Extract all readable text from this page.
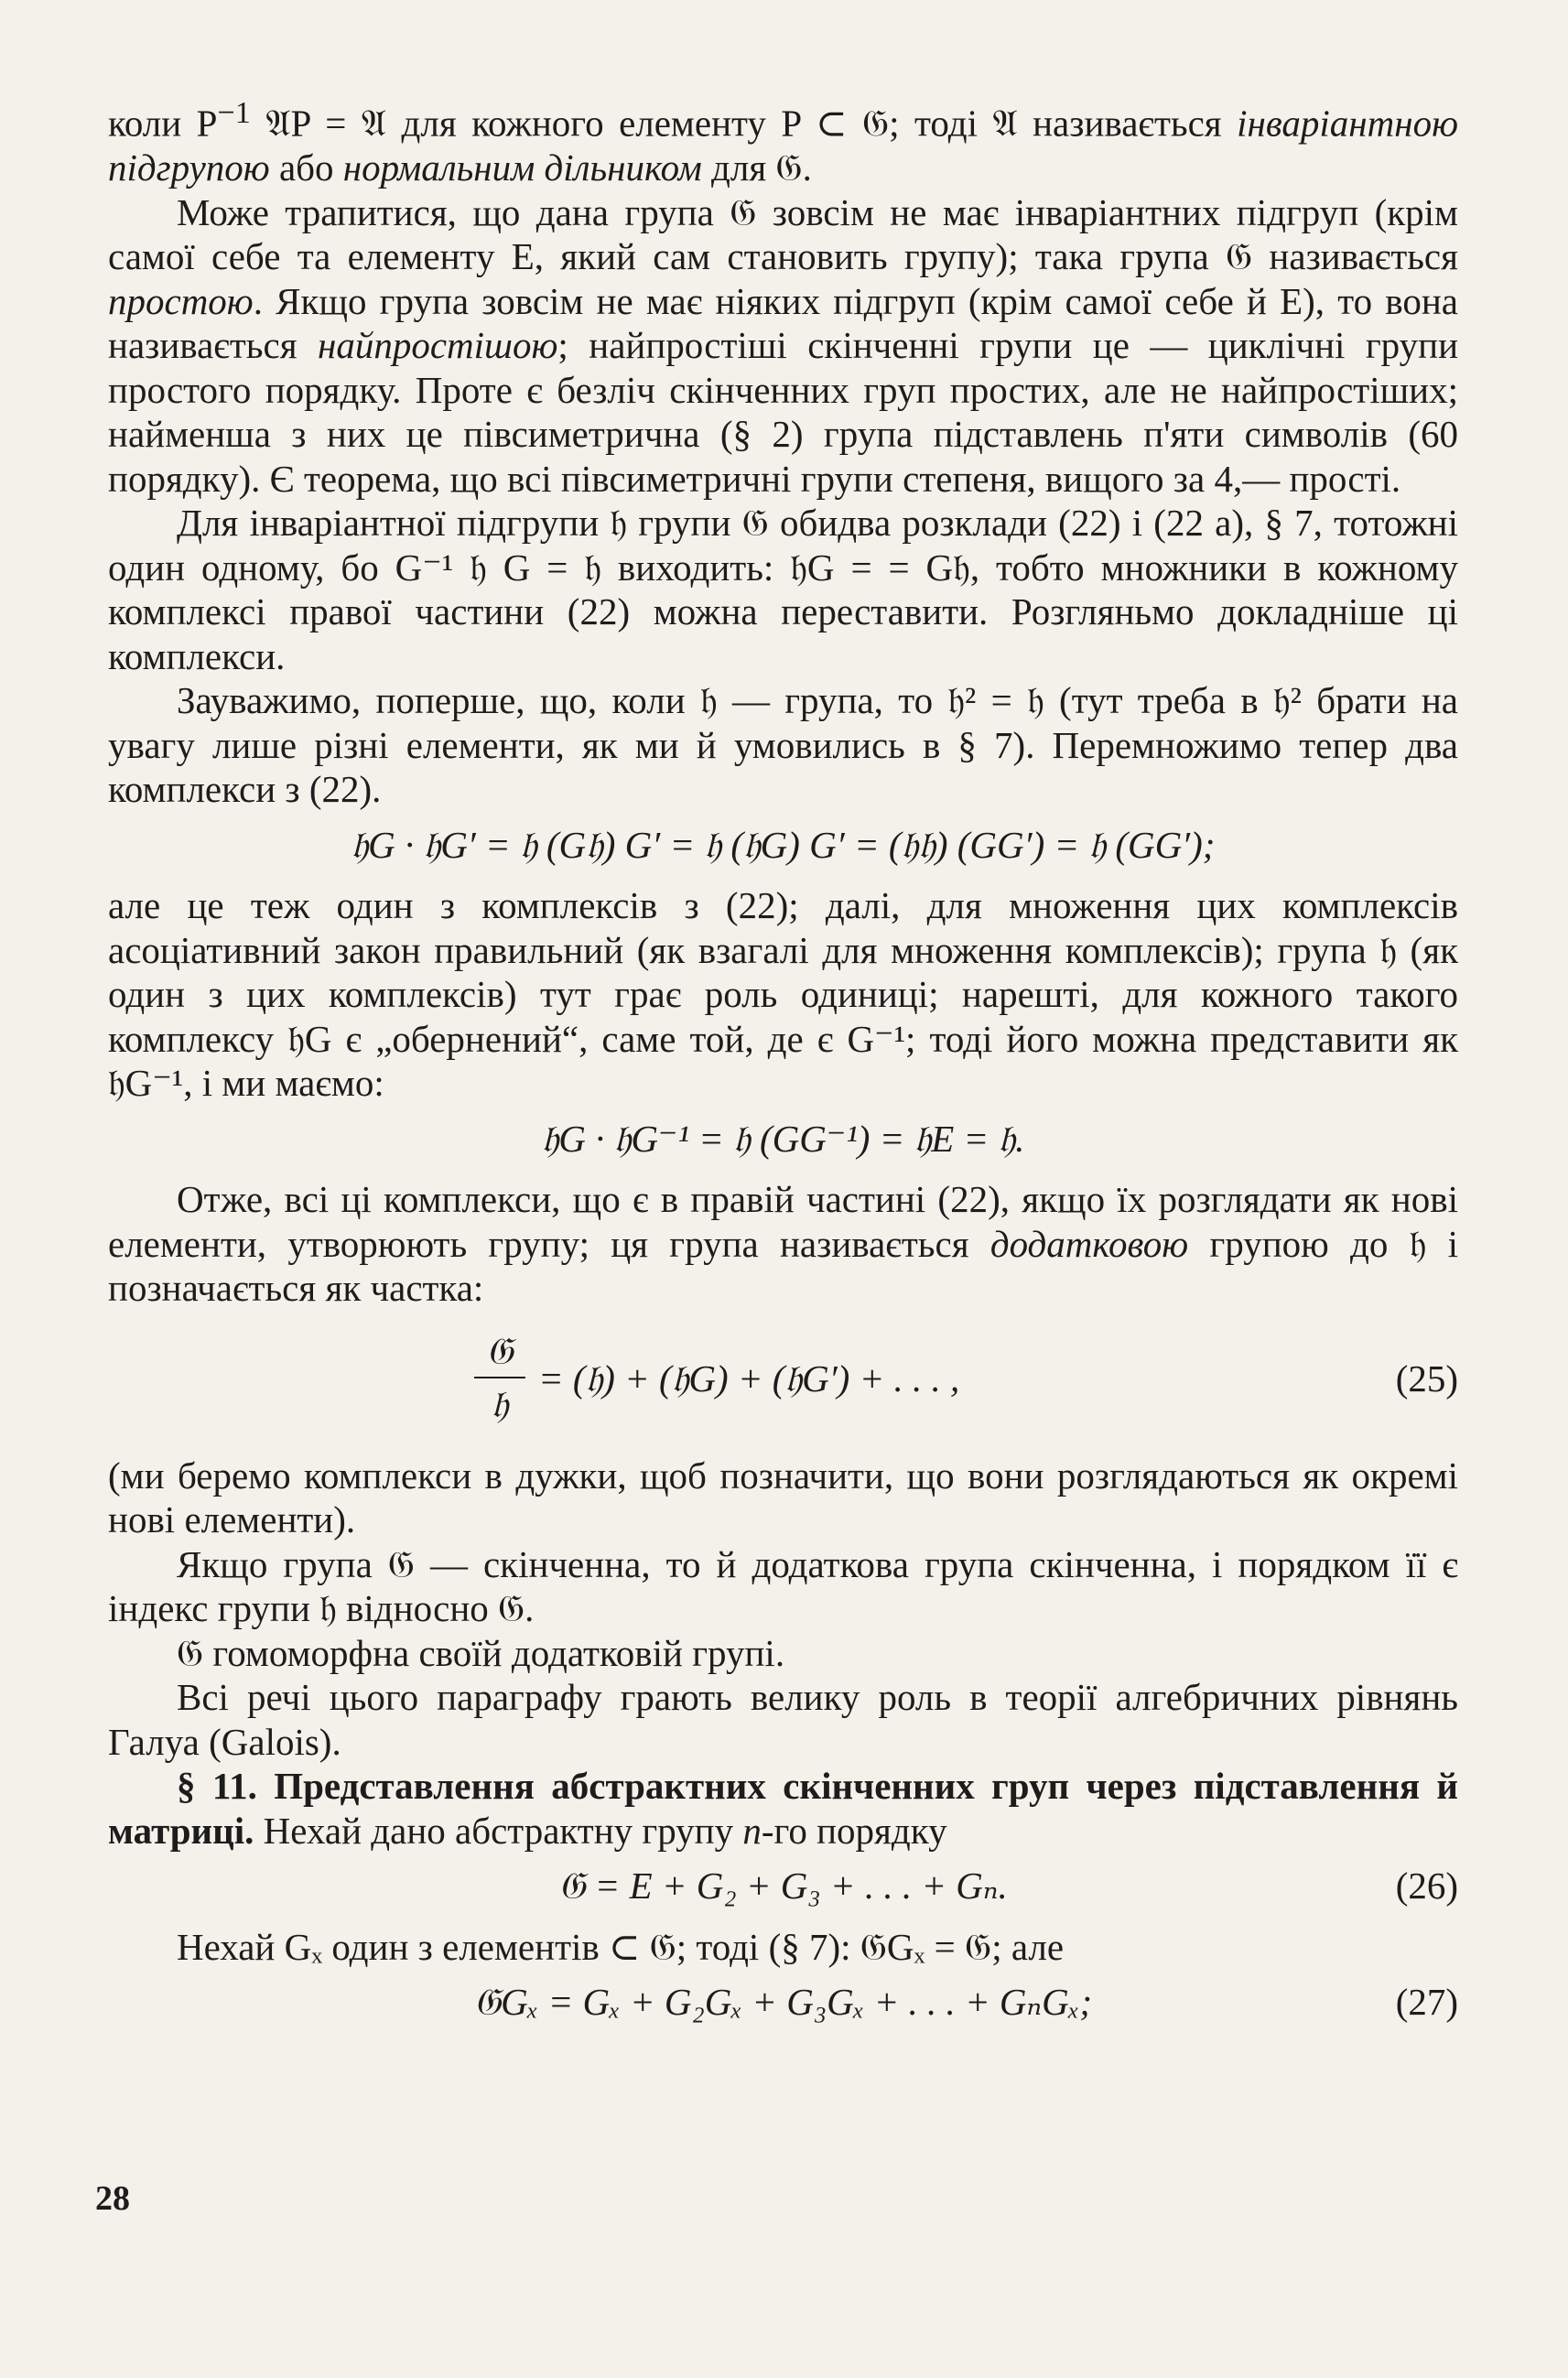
коли $P^{-1}$ 𝔄P = 𝔄 для кожного елементу P ⊂ 𝔊; тоді 𝔄 називається інваріантною підгрупою або нормальним дільником для 𝔊.

Може трапитися, що дана група 𝔊 зовсім не має інваріантних підгруп (крім самої себе та елементу E, який сам становить групу); така група 𝔊 називається простою. Якщо група зовсім не має ніяких підгруп (крім самої себе й E), то вона називається найпростішою; найпростіші скінченні групи це — циклічні групи простого порядку. Проте є безліч скінченних груп простих, але не найпростіших; найменша з них це півсиметрична (§ 2) група підставлень п'яти символів (60 порядку). Є теорема, що всі півсиметричні групи степеня, вищого за 4,— прості.

Для інваріантної підгрупи 𝔥 групи 𝔊 обидва розклади (22) і (22 а), § 7, тотожні один одному, бо G⁻¹ 𝔥 G = 𝔥 виходить: 𝔥G = = G𝔥, тобто множники в кожному комплексі правої частини (22) можна переставити. Розгляньмо докладніше ці комплекси.

Зауважимо, поперше, що, коли 𝔥 — група, то 𝔥² = 𝔥 (тут треба в 𝔥² брати на увагу лише різні елементи, як ми й умовились в § 7). Перемножимо тепер два комплекси з (22).

𝔥G · 𝔥G′ = 𝔥 (G𝔥) G′ = 𝔥 (𝔥G) G′ = (𝔥𝔥) (GG′) = 𝔥 (GG′);

але це теж один з комплексів з (22); далі, для множення цих комплексів асоціативний закон правильний (як взагалі для множення комплексів); група 𝔥 (як один з цих комплексів) тут грає роль одиниці; нарешті, для кожного такого комплексу 𝔥G є „обернений“, саме той, де є G⁻¹; тоді його можна представити як 𝔥G⁻¹, і ми маємо:

𝔥G · 𝔥G⁻¹ = 𝔥 (GG⁻¹) = 𝔥E = 𝔥.

Отже, всі ці комплекси, що є в правій частині (22), якщо їх розглядати як нові елементи, утворюють групу; ця група називається додатковою групою до 𝔥 і позначається як частка:

𝔊
𝔥
= (𝔥) + (𝔥G) + (𝔥G′) + . . . ,	(25)

(ми беремо комплекси в дужки, щоб позначити, що вони розглядаються як окремі нові елементи).

Якщо група 𝔊 — скінченна, то й додаткова група скінченна, і порядком її є індекс групи 𝔥 відносно 𝔊.

𝔊 гомоморфна своїй додатковій групі.

Всі речі цього параграфу грають велику роль в теорії алгебричних рівнянь Галуа (Galois).

§ 11. Представлення абстрактних скінченних груп через підставлення й матриці. Нехай дано абстрактну групу n-го порядку

𝔊 = E + G₂ + G₃ + . . . + Gₙ.	(26)

Нехай Gₓ один з елементів ⊂ 𝔊; тоді (§ 7): 𝔊Gₓ = 𝔊; але

𝔊Gₓ = Gₓ + G₂Gₓ + G₃Gₓ + . . . + GₙGₓ;	(27)
28
